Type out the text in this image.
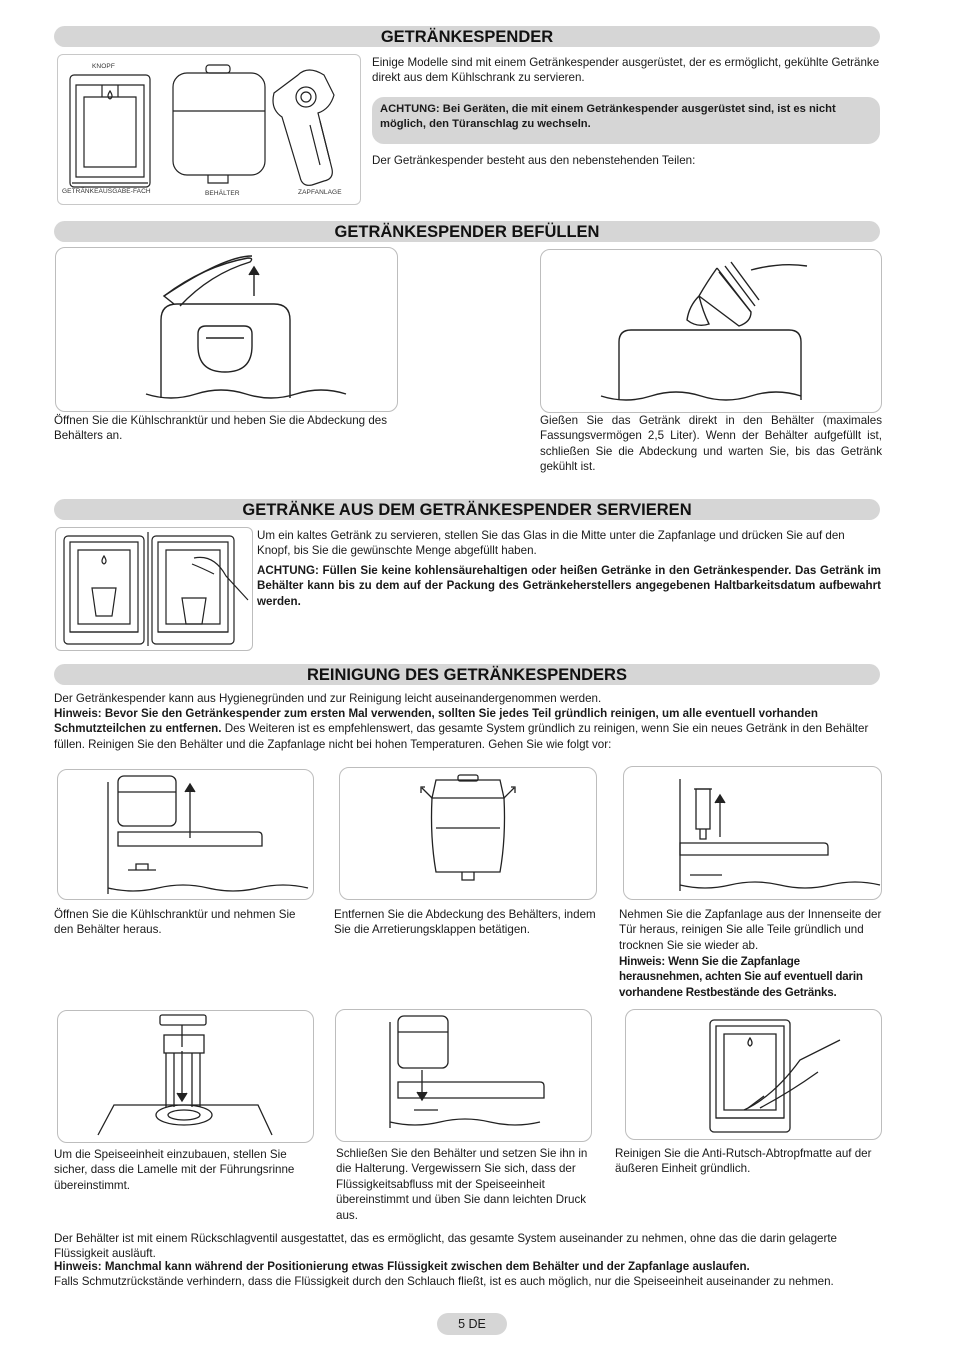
GETRÄNKESPENDER
KNOPF
GETRÄNKEAUSGABE-FACH	BEHÄLTER	ZAPFANLAGE

Einige Modelle sind mit einem Getränkespender ausgerüstet, der es ermöglicht, gekühlte Getränke direkt aus dem Kühlschrank zu servieren.

ACHTUNG: Bei Geräten, die mit einem Getränkespender ausgerüstet sind, ist es nicht möglich, den Türanschlag zu wechseln.

Der Getränkespender besteht aus den nebenstehenden Teilen:

GETRÄNKESPENDER BEFÜLLEN

Öffnen Sie die Kühlschranktür und heben Sie die Abdeckung des Behälters an.

Gießen Sie das Getränk direkt in den Behälter (maximales Fassungsvermögen 2,5 Liter). Wenn der Behälter aufgefüllt ist, schließen Sie die Abdeckung und warten Sie, bis das Getränk gekühlt ist.

GETRÄNKE AUS DEM GETRÄNKESPENDER SERVIEREN

Um ein kaltes Getränk zu servieren, stellen Sie das Glas in die Mitte unter die Zapfanlage und drücken Sie auf den Knopf, bis Sie die gewünschte Menge abgefüllt haben.

ACHTUNG: Füllen Sie keine kohlensäurehaltigen oder heißen Getränke in den Getränkespender. Das Getränk im Behälter kann bis zu dem auf der Packung des Getränkeherstellers angegebenen Haltbarkeitsdatum aufbewahrt werden.

REINIGUNG DES GETRÄNKESPENDERS

Der Getränkespender kann aus Hygienegründen und zur Reinigung leicht auseinandergenommen werden.

Hinweis: Bevor Sie den Getränkespender zum ersten Mal verwenden, sollten Sie jedes Teil gründlich reinigen, um alle eventuell vorhanden Schmutzteilchen zu entfernen. Des Weiteren ist es empfehlenswert, das gesamte System gründlich zu reinigen, wenn Sie ein neues Getränk in den Behälter füllen. Reinigen Sie den Behälter und die Zapfanlage nicht bei hohen Temperaturen. Gehen Sie wie folgt vor:

Öffnen Sie die Kühlschranktür und nehmen Sie den Behälter heraus.

Entfernen Sie die Abdeckung des Behälters, indem Sie die Arretierungsklappen betätigen.

Nehmen Sie die Zapfanlage aus der Innenseite der Tür heraus, reinigen Sie alle Teile gründlich und trocknen Sie sie wieder ab.

Hinweis: Wenn Sie die Zapfanlage herausnehmen, achten Sie auf eventuell darin vorhandene Restbestände des Getränks.

Um die Speiseeinheit einzubauen, stellen Sie sicher, dass die Lamelle mit der Führungsrinne übereinstimmt.

Schließen Sie den Behälter und setzen Sie ihn in die Halterung. Vergewissern Sie sich, dass der Flüssigkeitsabfluss mit der Speiseeinheit übereinstimmt und üben Sie dann leichten Druck aus.

Reinigen Sie die Anti-Rutsch-Abtropfmatte auf der äußeren Einheit gründlich.

Der Behälter ist mit einem Rückschlagventil ausgestattet, das es ermöglicht, das gesamte System auseinander zu nehmen, ohne das die darin gelagerte Flüssigkeit ausläuft.

Hinweis: Manchmal kann während der Positionierung etwas Flüssigkeit zwischen dem Behälter und der Zapfanlage auslaufen.

Falls Schmutzrückstände verhindern, dass die Flüssigkeit durch den Schlauch fließt, ist es auch möglich, nur die Speiseeinheit auseinander zu nehmen.

5 DE
